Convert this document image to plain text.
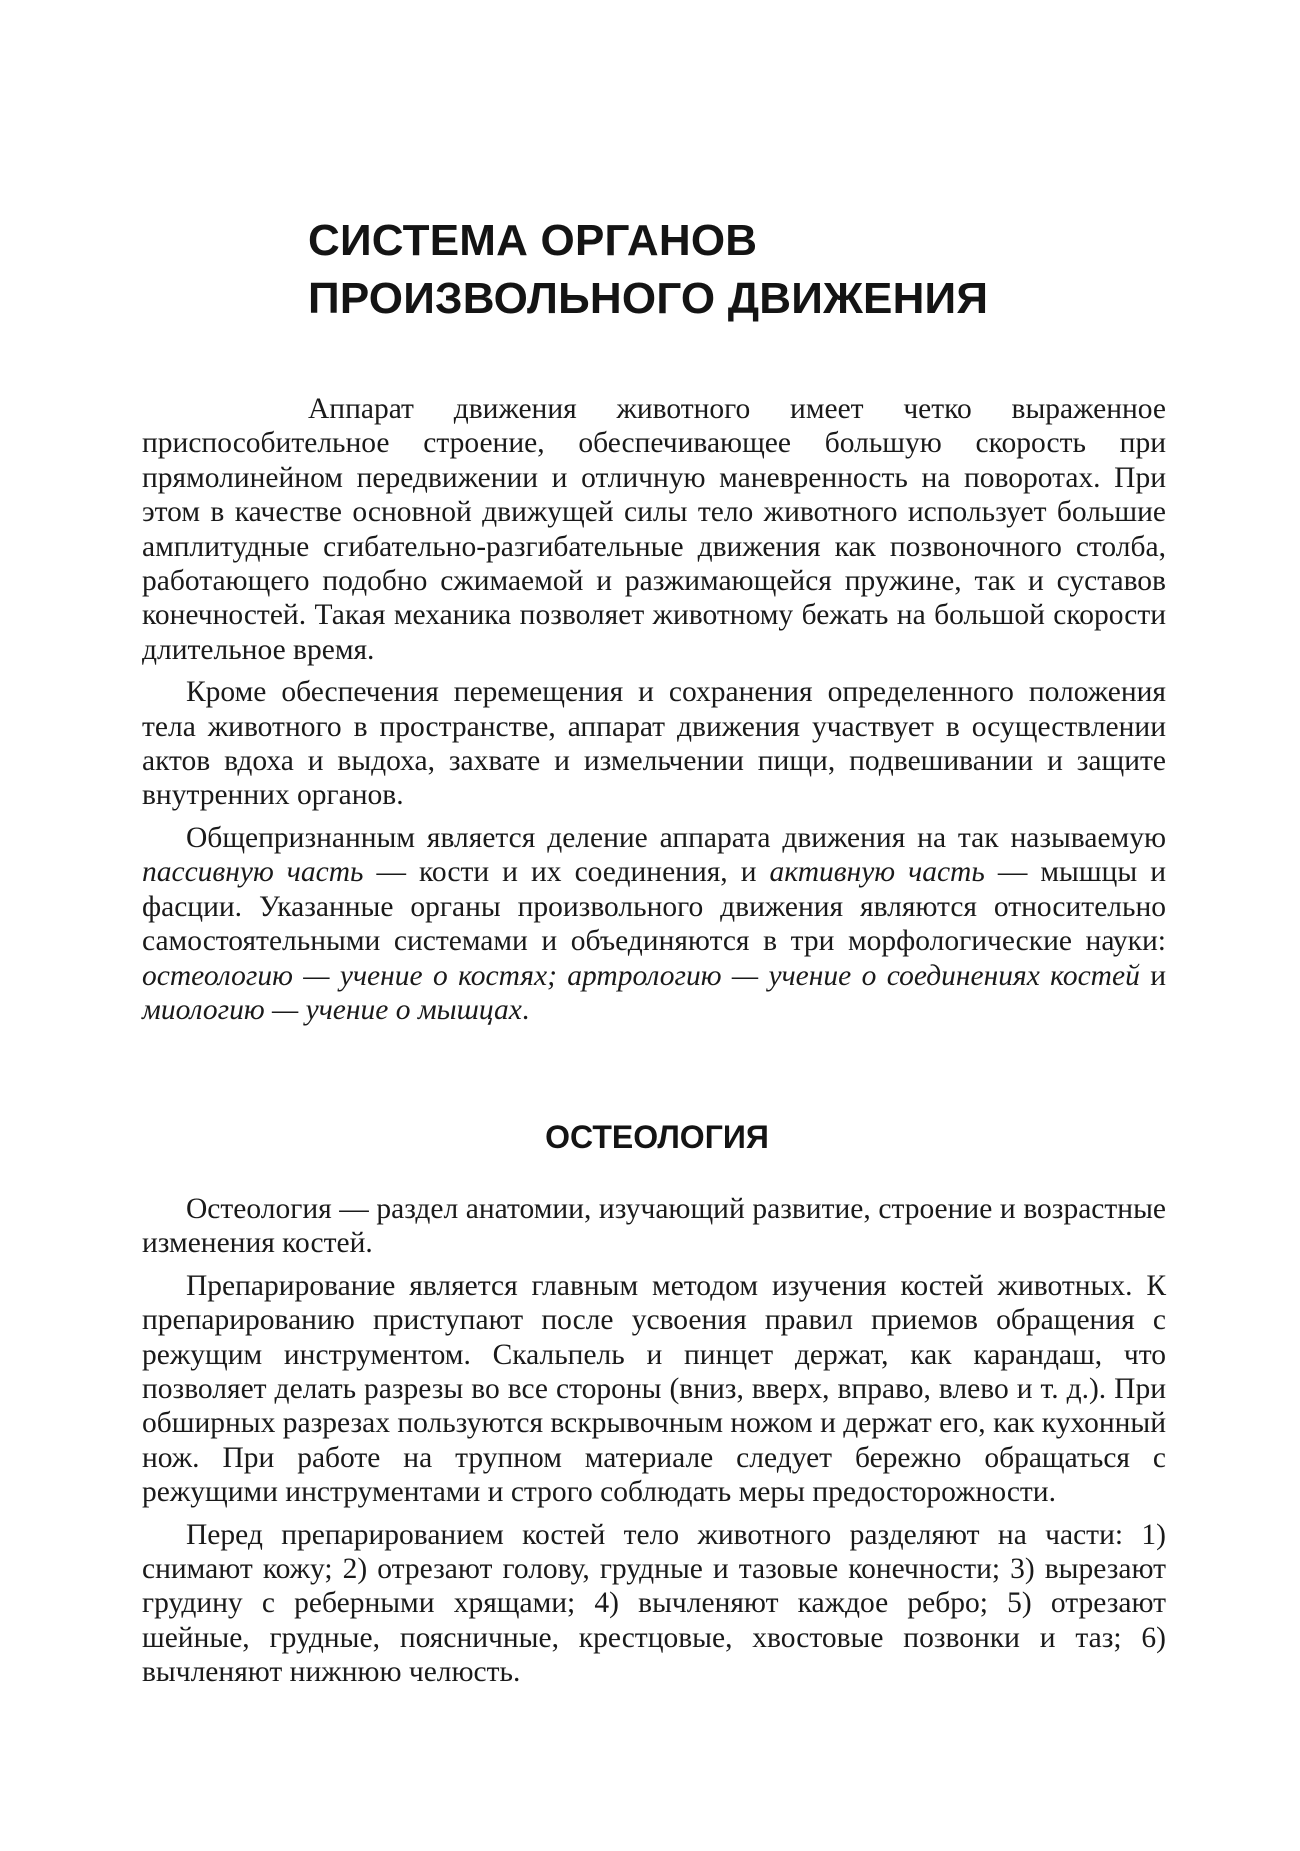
СИСТЕМА ОРГАНОВ
ПРОИЗВОЛЬНОГО ДВИЖЕНИЯ

Аппарат движения животного имеет четко выраженное приспособительное строение, обеспечивающее большую скорость при прямолинейном передвижении и отличную маневренность на поворотах. При этом в качестве основной движущей силы тело животного использует большие амплитудные сгибательно-разгибательные движения как позвоночного столба, работающего подобно сжимаемой и разжимающейся пружине, так и суставов конечностей. Такая механика позволяет животному бежать на большой скорости длительное время.

Кроме обеспечения перемещения и сохранения определенного положения тела животного в пространстве, аппарат движения участвует в осуществлении актов вдоха и выдоха, захвате и измельчении пищи, подвешивании и защите внутренних органов.

Общепризнанным является деление аппарата движения на так называемую пассивную часть — кости и их соединения, и активную часть — мышцы и фасции. Указанные органы произвольного движения являются относительно самостоятельными системами и объединяются в три морфологические науки: остеологию — учение о костях; артрологию — учение о соединениях костей и миологию — учение о мышцах.

ОСТЕОЛОГИЯ

Остеология — раздел анатомии, изучающий развитие, строение и возрастные изменения костей.

Препарирование является главным методом изучения костей животных. К препарированию приступают после усвоения правил приемов обращения с режущим инструментом. Скальпель и пинцет держат, как карандаш, что позволяет делать разрезы во все стороны (вниз, вверх, вправо, влево и т. д.). При обширных разрезах пользуются вскрывочным ножом и держат его, как кухонный нож. При работе на трупном материале следует бережно обращаться с режущими инструментами и строго соблюдать меры предосторожности.

Перед препарированием костей тело животного разделяют на части: 1) снимают кожу; 2) отрезают голову, грудные и тазовые конечности; 3) вырезают грудину с реберными хрящами; 4) вычленяют каждое ребро; 5) отрезают шейные, грудные, поясничные, крестцовые, хвостовые позвонки и таз; 6) вычленяют нижнюю челюсть.
